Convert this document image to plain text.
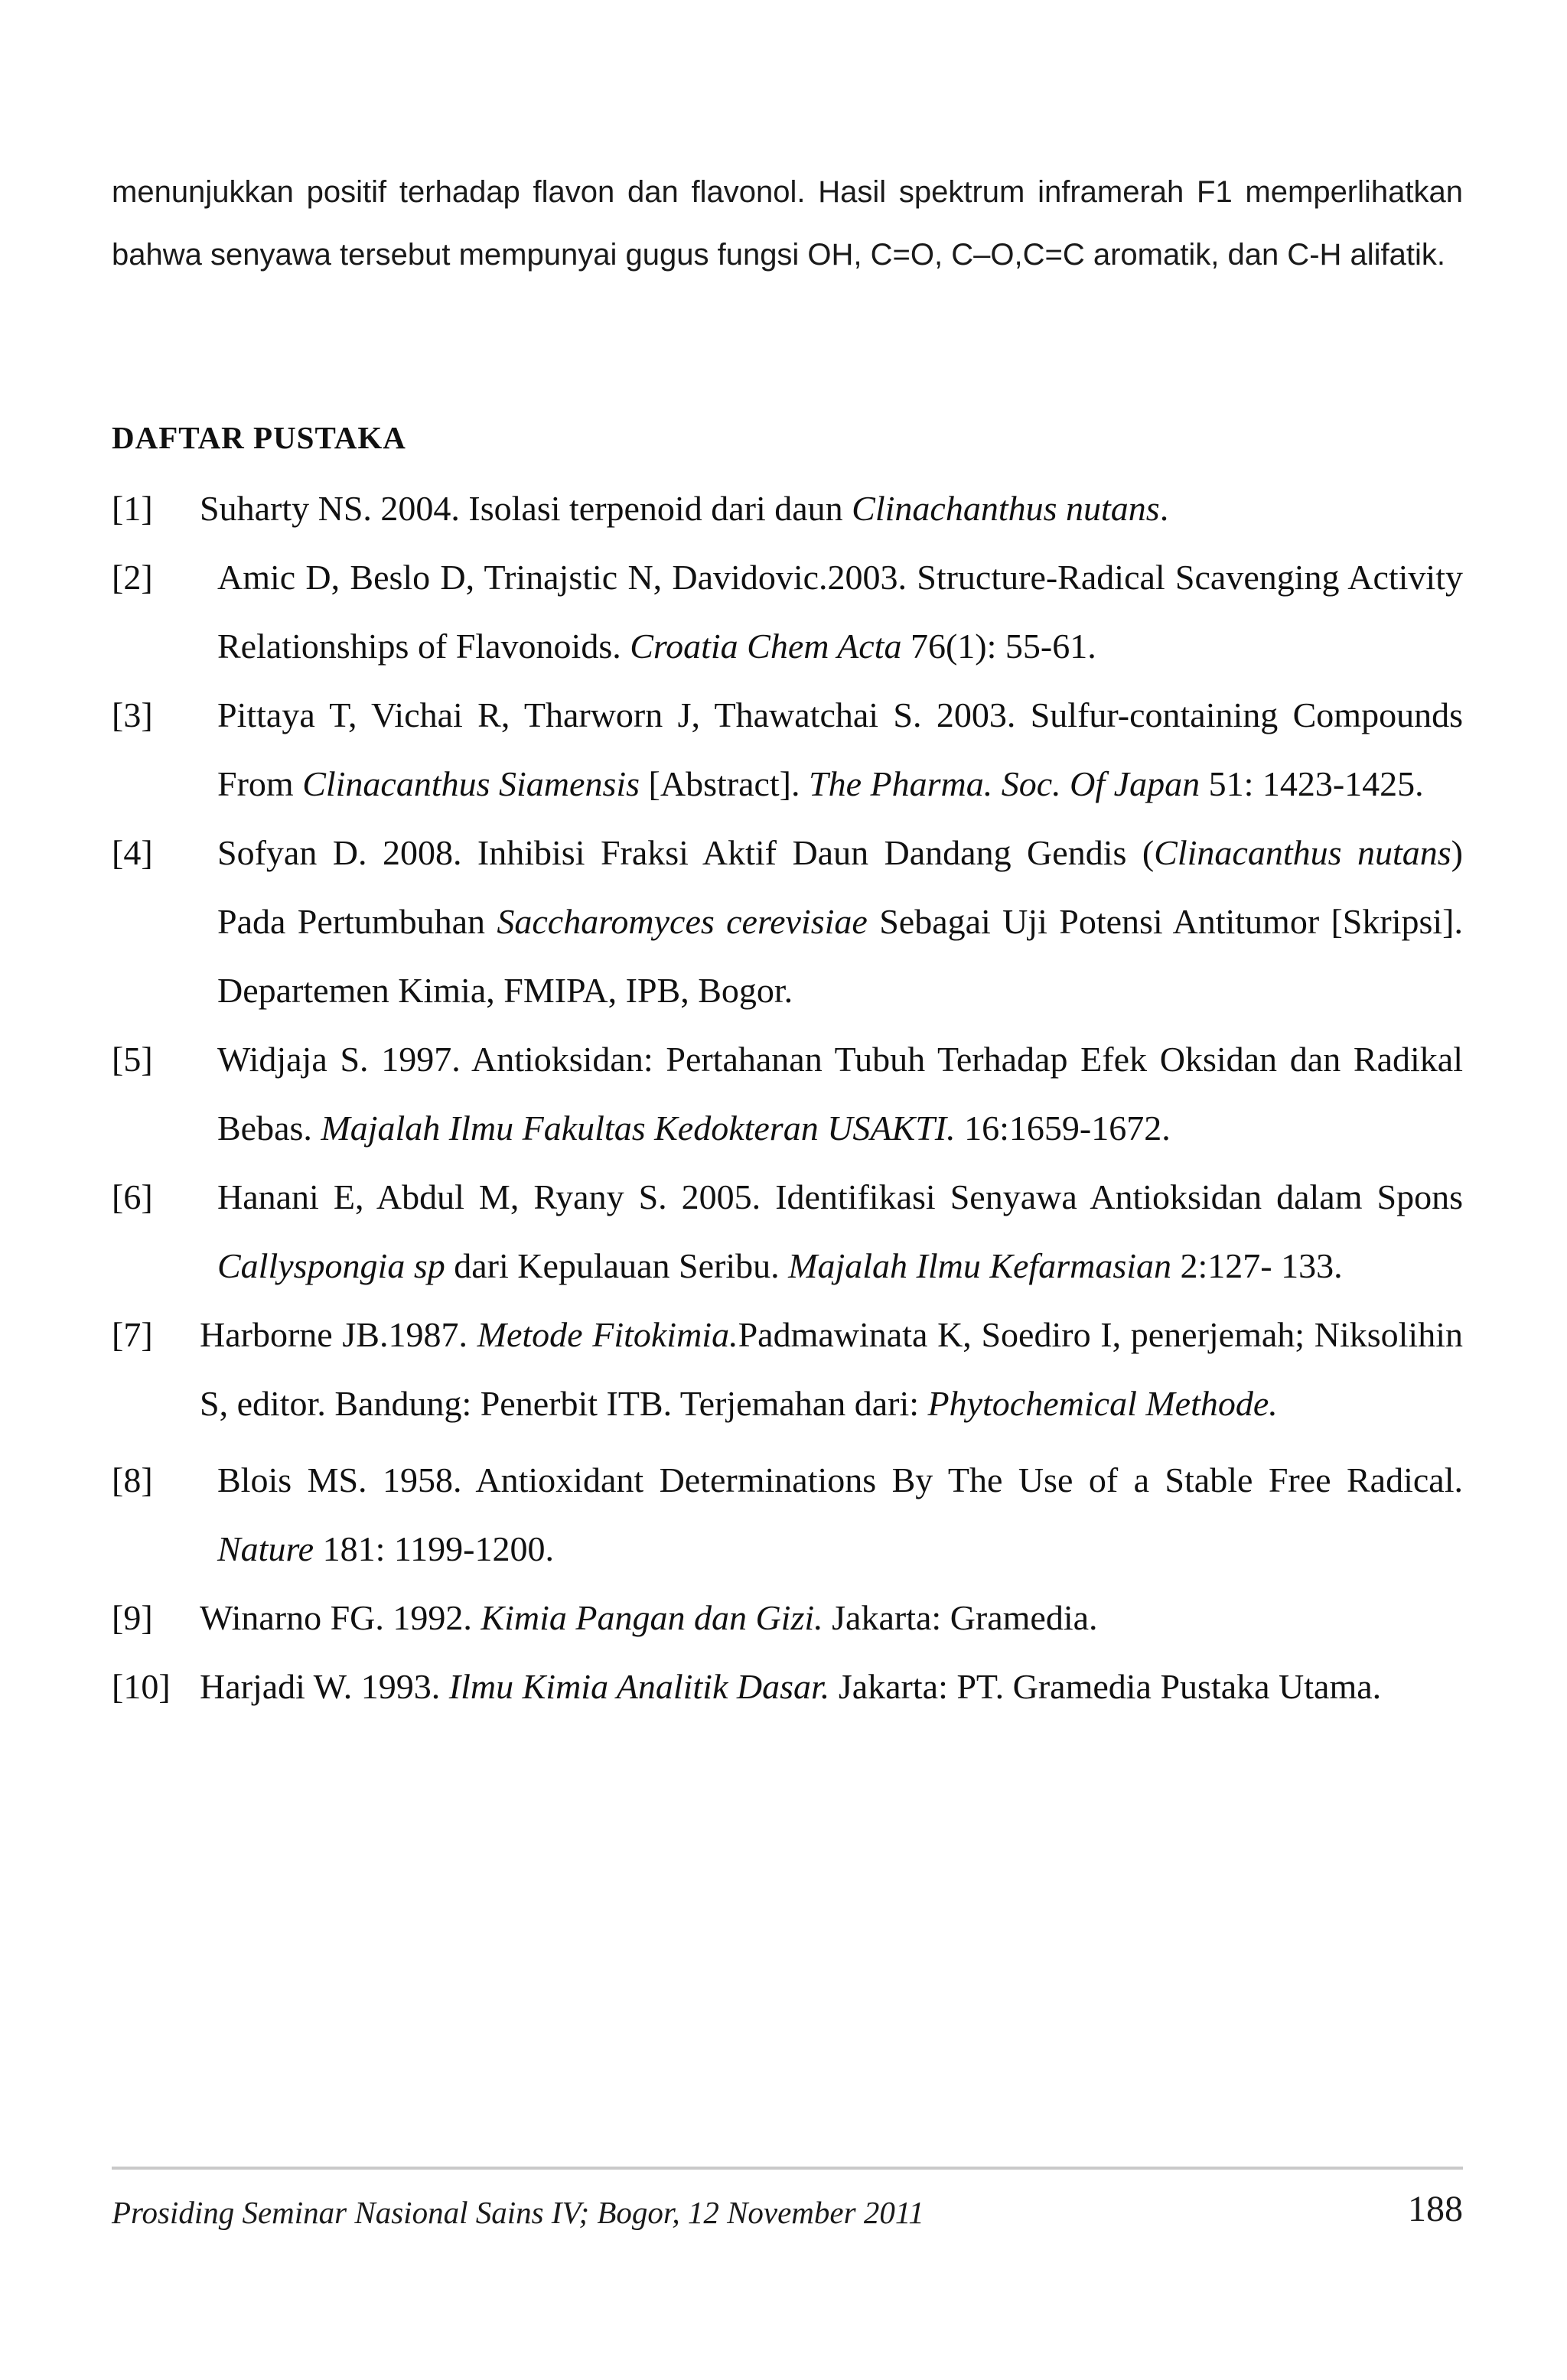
menunjukkan positif terhadap flavon dan flavonol. Hasil spektrum inframerah F1 memperlihatkan bahwa senyawa tersebut mempunyai gugus fungsi OH, C=O, C–O,C=C aromatik, dan C-H alifatik.
DAFTAR PUSTAKA
[1] Suharty NS. 2004. Isolasi terpenoid dari daun Clinachanthus nutans.
[2] Amic D, Beslo D, Trinajstic N, Davidovic.2003. Structure-Radical Scavenging Activity Relationships of Flavonoids. Croatia Chem Acta 76(1): 55-61.
[3] Pittaya T, Vichai R, Tharworn J, Thawatchai S. 2003. Sulfur-containing Compounds From Clinacanthus Siamensis [Abstract]. The Pharma. Soc. Of Japan 51: 1423-1425.
[4] Sofyan D. 2008. Inhibisi Fraksi Aktif Daun Dandang Gendis (Clinacanthus nutans) Pada Pertumbuhan Saccharomyces cerevisiae Sebagai Uji Potensi Antitumor [Skripsi]. Departemen Kimia, FMIPA, IPB, Bogor.
[5] Widjaja S. 1997. Antioksidan: Pertahanan Tubuh Terhadap Efek Oksidan dan Radikal Bebas. Majalah Ilmu Fakultas Kedokteran USAKTI. 16:1659-1672.
[6] Hanani E, Abdul M, Ryany S. 2005. Identifikasi Senyawa Antioksidan dalam Spons Callyspongia sp dari Kepulauan Seribu. Majalah Ilmu Kefarmasian 2:127- 133.
[7] Harborne JB.1987. Metode Fitokimia.Padmawinata K, Soediro I, penerjemah; Niksolihin S, editor. Bandung: Penerbit ITB. Terjemahan dari: Phytochemical Methode.
[8] Blois MS. 1958. Antioxidant Determinations By The Use of a Stable Free Radical. Nature 181: 1199-1200.
[9] Winarno FG. 1992. Kimia Pangan dan Gizi. Jakarta: Gramedia.
[10] Harjadi W. 1993. Ilmu Kimia Analitik Dasar. Jakarta: PT. Gramedia Pustaka Utama.
Prosiding Seminar Nasional Sains IV; Bogor, 12 November 2011	188
